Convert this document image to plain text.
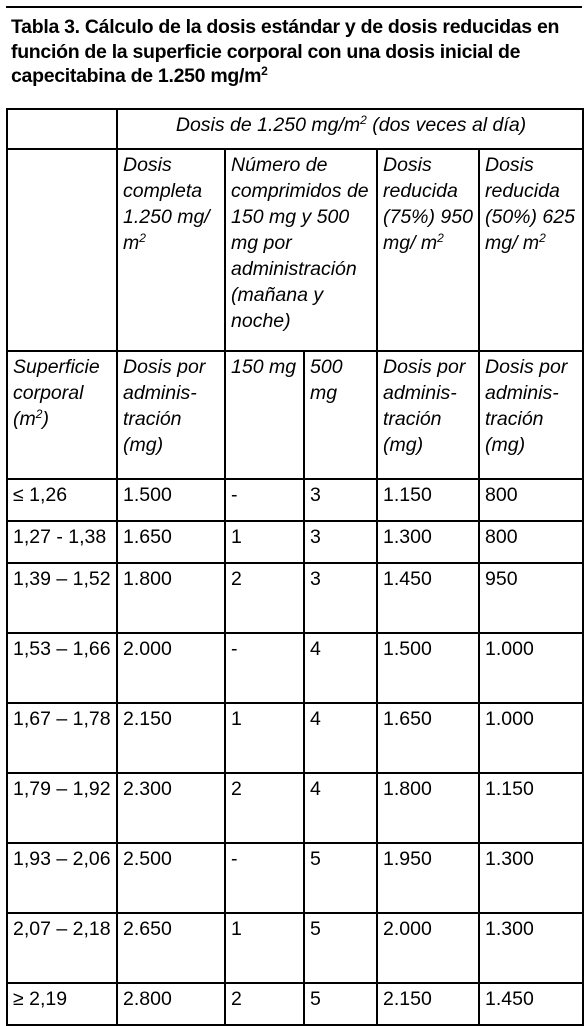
Tabla 3. Cálculo de la dosis estándar y de dosis reducidas en función de la superficie corporal con una dosis inicial de capecitabina de 1.250 $mg/m^2$
	Dosis de 1.250 $mg/m^2$ (dos veces al día)				
	Dosis completa 1.250 mg/ $m^2$	Número de comprimidos de 150 mg y 500 mg por administración (mañana y noche)		Dosis reducida (75%) 950 mg/ $m^2$	Dosis reducida (50%) 625 mg/ $m^2$
Superficie corporal $(m^2)$	Dosis por adminis-tración (mg)	150 mg	500 mg	Dosis por adminis-tración (mg)	Dosis por adminis-tración (mg)
≤ 1,26	1.500	-	3	1.150	800
1,27 - 1,38	1.650	1	3	1.300	800
1,39 – 1,52	1.800	2	3	1.450	950
1,53 – 1,66	2.000	-	4	1.500	1.000
1,67 – 1,78	2.150	1	4	1.650	1.000
1,79 – 1,92	2.300	2	4	1.800	1.150
1,93 – 2,06	2.500	-	5	1.950	1.300
2,07 – 2,18	2.650	1	5	2.000	1.300
≥ 2,19	2.800	2	5	2.150	1.450
